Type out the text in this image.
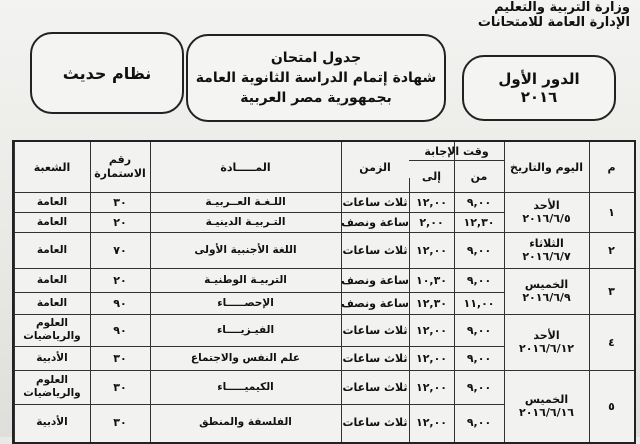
وزارة التربية والتعليم
الإدارة العامة للامتحانات
نظام حديث
جدول امتحان
شهادة إتمام الدراسة الثانوية العامة
بجمهورية مصر العربية
الدور الأول
٢٠١٦
م
اليوم والتاريخ
وقت الإجابة
من
إلى
الزمن
المـــــادة
رقم الاستمارة
الشعبة
١
٢
٣
٤
٥
الأحد
٢٠١٦/٦/٥
الثلاثاء
٢٠١٦/٦/٧
الخميس
٢٠١٦/٦/٩
الأحد
٢٠١٦/٦/١٢
الخميس
٢٠١٦/٦/١٦
٩,٠٠
١٢,٠٠
ثلاث ساعات
اللـغـة العــربيـة
٣٠
العامة
١٢,٣٠
٢,٠٠
ساعة ونصف
التـربيـة الدينيـة
٢٠
العامة
٩,٠٠
١٢,٠٠
ثلاث ساعات
اللغة الأجنبية الأولى
٧٠
العامة
٩,٠٠
١٠,٣٠
ساعة ونصف
التربيـة الوطنيـة
٢٠
العامة
١١,٠٠
١٢,٣٠
ساعة ونصف
الإحصـــــاء
٩٠
العامة
٩,٠٠
١٢,٠٠
ثلاث ساعات
الفيـزيــــاء
٩٠
العلوم والرياضيات
٩,٠٠
١٢,٠٠
ثلاث ساعات
علم النفس والاجتماع
٣٠
الأدبية
٩,٠٠
١٢,٠٠
ثلاث ساعات
الكيميـــــاء
٣٠
العلوم والرياضيات
٩,٠٠
١٢,٠٠
ثلاث ساعات
الفلسفة والمنطق
٣٠
الأدبية
